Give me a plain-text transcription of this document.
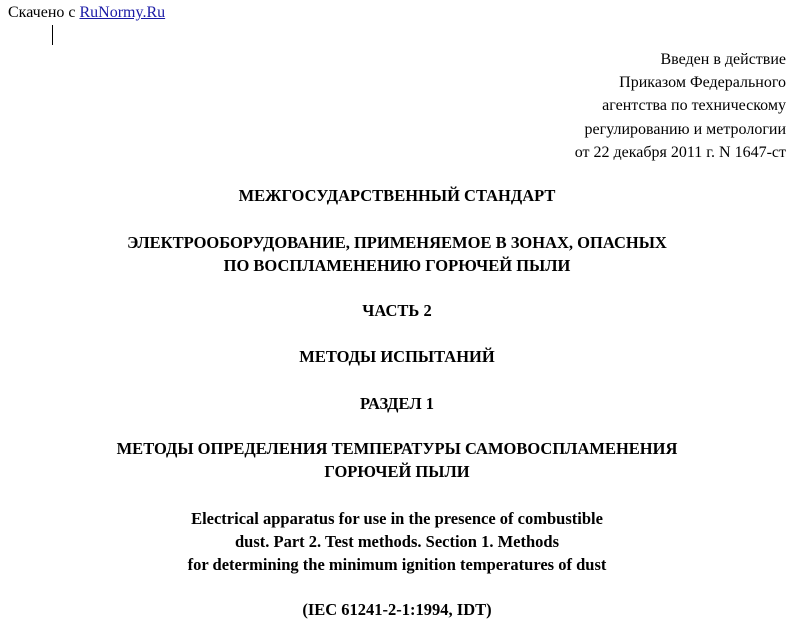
Скачено с RuNormy.Ru
Введен в действие
Приказом Федерального
агентства по техническому
регулированию и метрологии
от 22 декабря 2011 г. N 1647-ст
МЕЖГОСУДАРСТВЕННЫЙ СТАНДАРТ
ЭЛЕКТРООБОРУДОВАНИЕ, ПРИМЕНЯЕМОЕ В ЗОНАХ, ОПАСНЫХ
ПО ВОСПЛАМЕНЕНИЮ ГОРЮЧЕЙ ПЫЛИ
ЧАСТЬ 2
МЕТОДЫ ИСПЫТАНИЙ
РАЗДЕЛ 1
МЕТОДЫ ОПРЕДЕЛЕНИЯ ТЕМПЕРАТУРЫ САМОВОСПЛАМЕНЕНИЯ
ГОРЮЧЕЙ ПЫЛИ
Electrical apparatus for use in the presence of combustible
dust. Part 2. Test methods. Section 1. Methods
for determining the minimum ignition temperatures of dust
(IEC 61241-2-1:1994, IDT)
